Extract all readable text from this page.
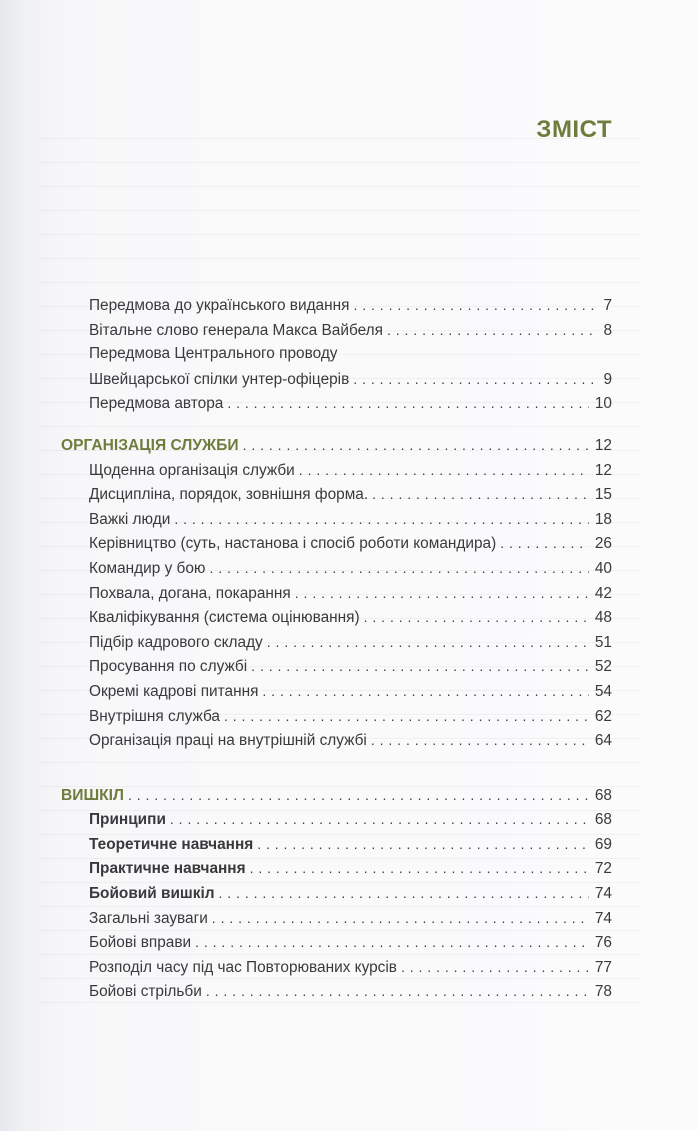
ЗМІСТ
Передмова до українського видання . . .	7
Вітальне слово генерала Макса Вайбеля . . .	8
Передмова Центрального проводу
Швейцарської спілки унтер-офіцерів . . .	9
Передмова автора . . .	10
ОРГАНІЗАЦІЯ СЛУЖБИ . . .	12
Щоденна організація служби . . .	12
Дисципліна, порядок, зовнішня форма. . . .	15
Важкі люди . . .	18
Керівництво (суть, настанова і спосіб роботи командира) . . .	26
Командир у бою . . .	40
Похвала, догана, покарання . . .	42
Кваліфікування (система оцінювання) . . .	48
Підбір кадрового складу . . .	51
Просування по службі . . .	52
Окремі кадрові питання . . .	54
Внутрішня служба . . .	62
Організація праці на внутрішній службі . . .	64
ВИШКІЛ . . .	68
Принципи . . .	68
Теоретичне навчання . . .	69
Практичне навчання . . .	72
Бойовий вишкіл . . .	74
Загальні зауваги . . .	74
Бойові вправи . . .	76
Розподіл часу під час Повторюваних курсів . . .	77
Бойові стрільби . . .	78
